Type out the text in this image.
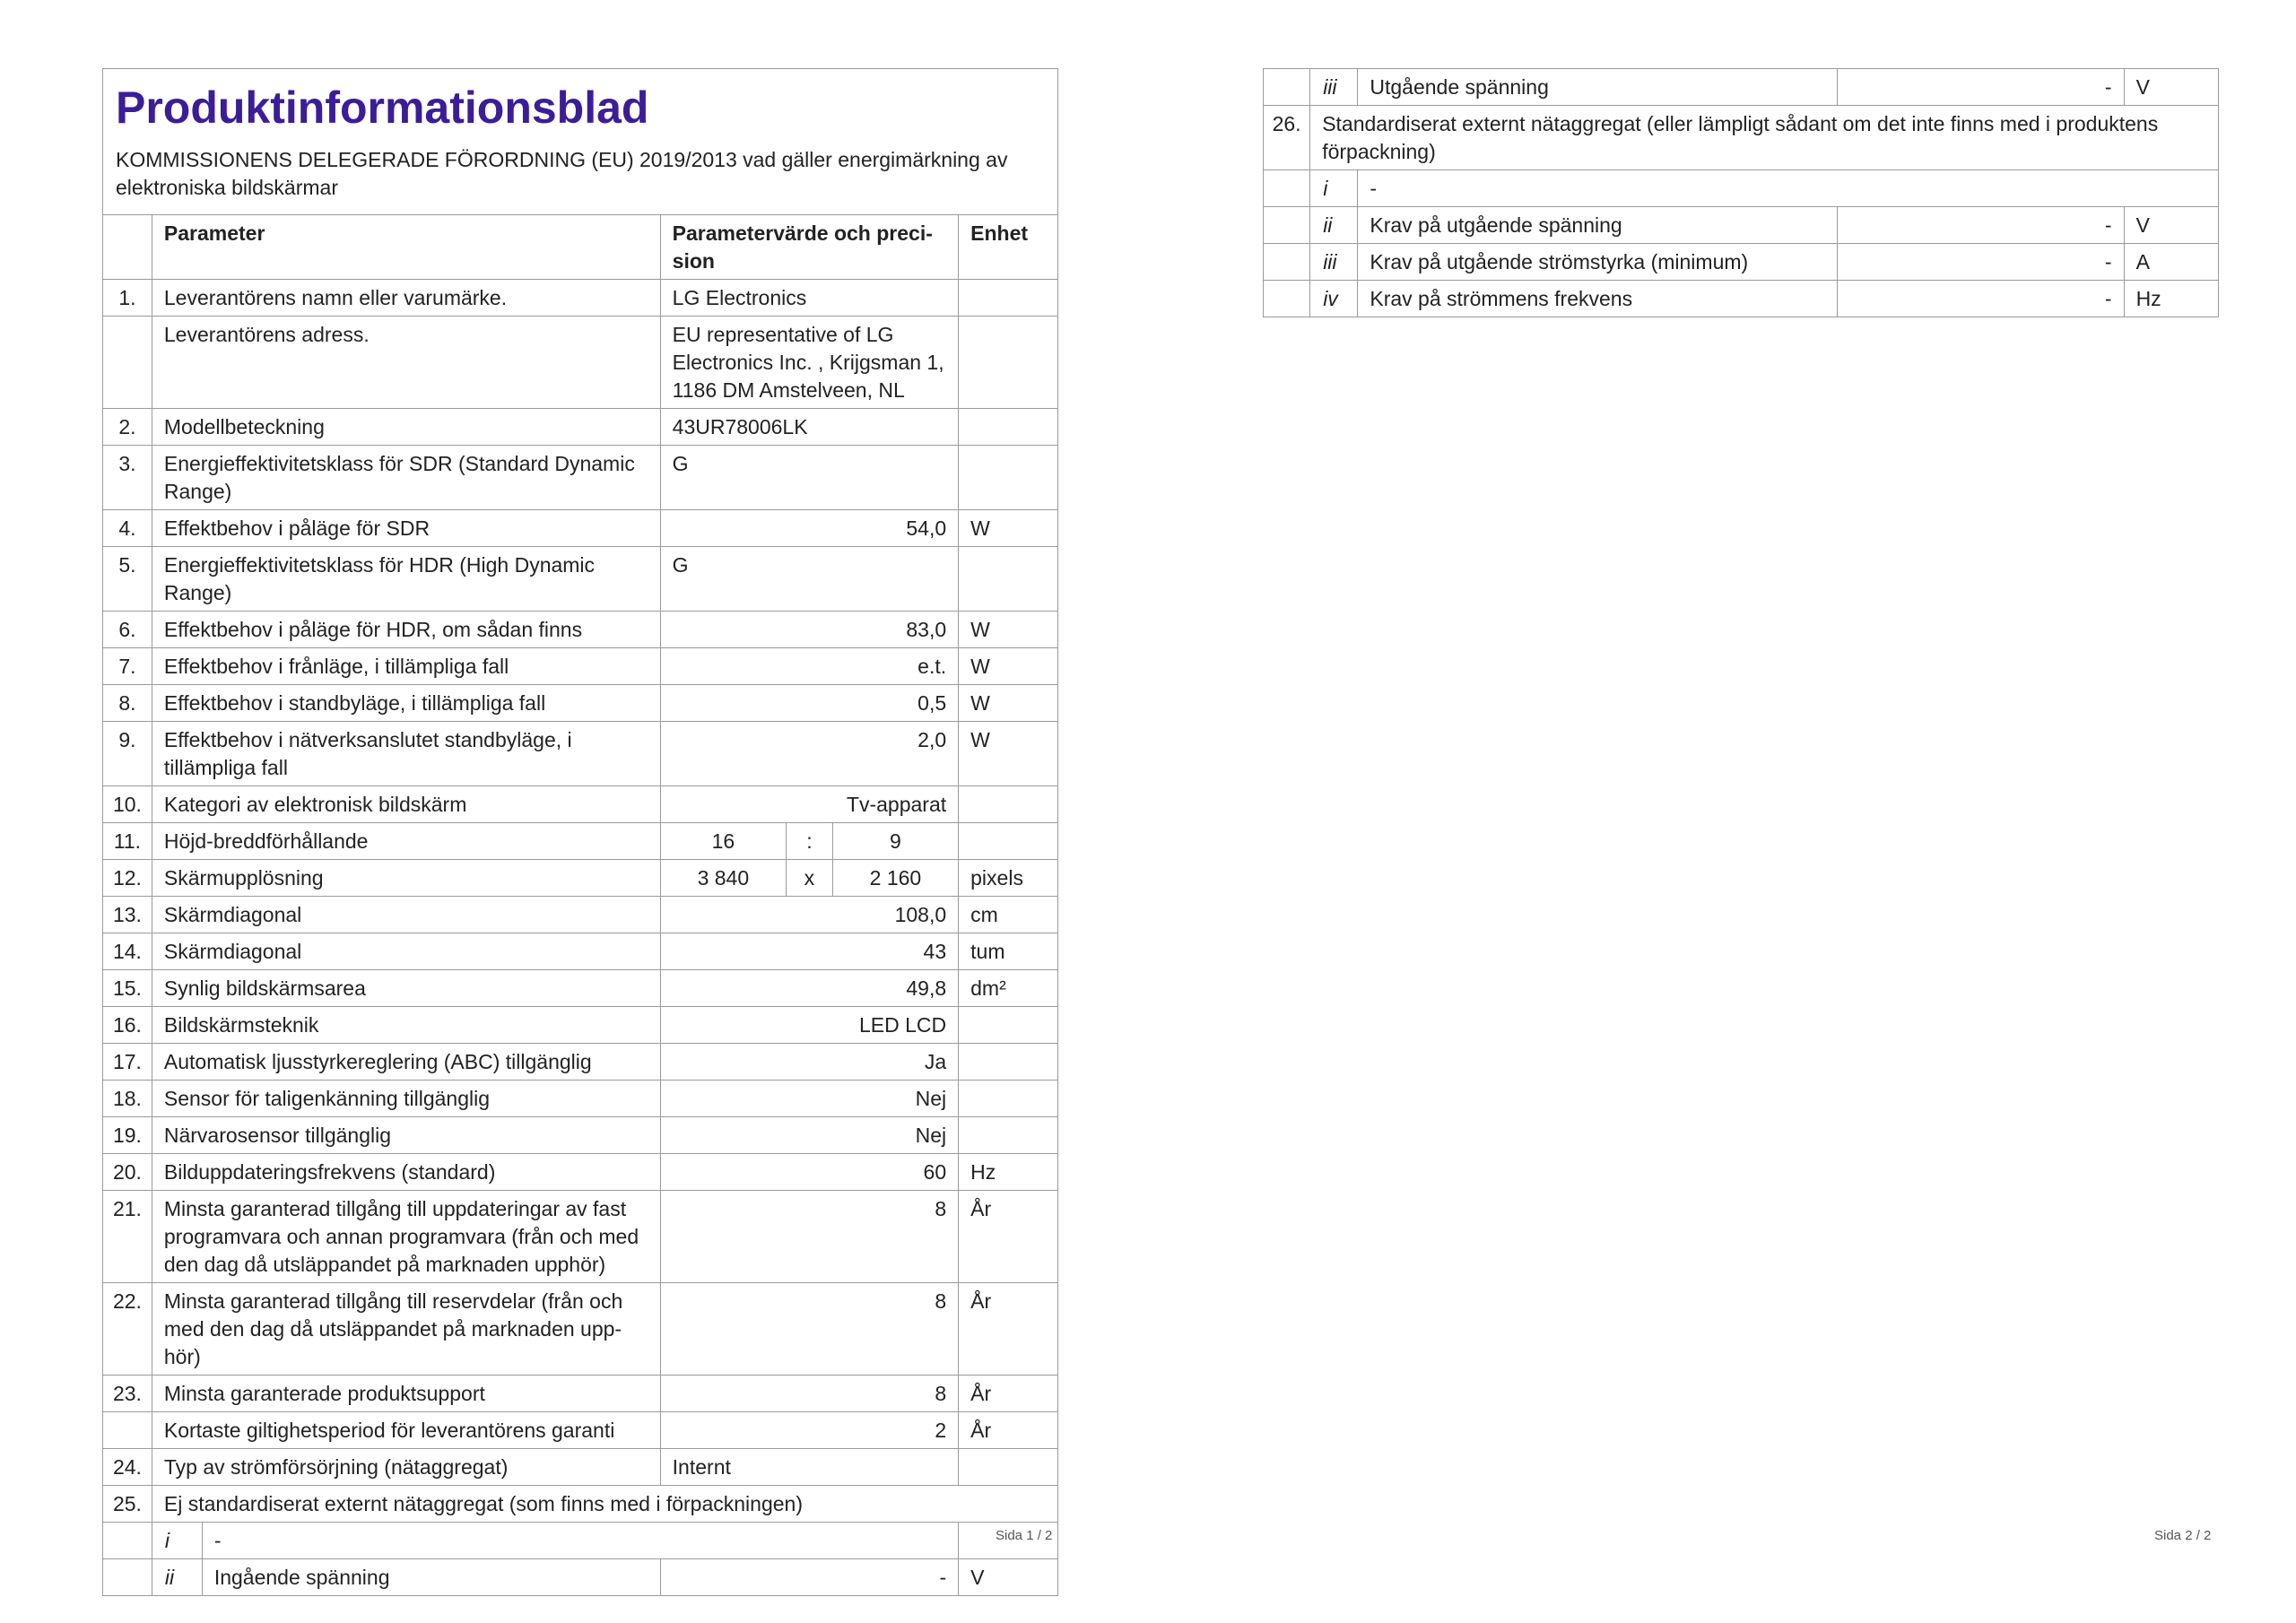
Produktinformationsblad
KOMMISSIONENS DELEGERADE FÖRORDNING (EU) 2019/2013 vad gäller energimärkning av elektroniska bildskärmar						

	Parameter		Parametervärde och preci-sion			Enhet
1.	Leverantörens namn eller varumärke.		LG Electronics			
	Leverantörens adress.		EU representative of LG Electronics Inc. , Krijgsman 1, 1186 DM Amstelveen, NL			
2.	Modellbeteckning		43UR78006LK			
3.	Energieffektivitetsklass för SDR (Standard Dynamic Range)		G			
4.	Effektbehov i påläge för SDR		54,0			W
5.	Energieffektivitetsklass för HDR (High Dynamic Range)		G			
6.	Effektbehov i påläge för HDR, om sådan finns		83,0			W
7.	Effektbehov i frånläge, i tillämpliga fall		e.t.			W
8.	Effektbehov i standbyläge, i tillämpliga fall		0,5			W
9.	Effektbehov i nätverksanslutet standbyläge, i tillämpliga fall		2,0			W
10.	Kategori av elektronisk bildskärm		Tv-apparat			
11.	Höjd-breddförhållande		16	:	9	
12.	Skärmupplösning		3 840	x	2 160	pixels
13.	Skärmdiagonal		108,0			cm
14.	Skärmdiagonal		43			tum
15.	Synlig bildskärmsarea		49,8			dm²
16.	Bildskärmsteknik		LED LCD			
17.	Automatisk ljusstyrkereglering (ABC) tillgänglig		Ja			
18.	Sensor för taligenkänning tillgänglig		Nej			
19.	Närvarosensor tillgänglig		Nej			
20.	Bilduppdateringsfrekvens (standard)		60			Hz
21.	Minsta garanterad tillgång till uppdateringar av fast programvara och annan programvara (från och med den dag då utsläppandet på marknaden upphör)		8			År
22.	Minsta garanterad tillgång till reservdelar (från och med den dag då utsläppandet på marknaden upp-hör)		8			År
23.	Minsta garanterade produktsupport		8			År
	Kortaste giltighetsperiod för leverantörens garanti		2			År
24.	Typ av strömförsörjning (nätaggregat)		Internt			
25.	Ej standardiserat externt nätaggregat (som finns med i förpackningen)					
	i	-				
	ii	Ingående spänning	-			V
	iii	Utgående spänning	-	V
26.	Standardiserat externt nätaggregat (eller lämpligt sådant om det inte finns med i produktens förpackning)			
	i	-		
	ii	Krav på utgående spänning	-	V
	iii	Krav på utgående strömstyrka (minimum)	-	A
	iv	Krav på strömmens frekvens	-	Hz
Sida 1 / 2	Sida 2 / 2
